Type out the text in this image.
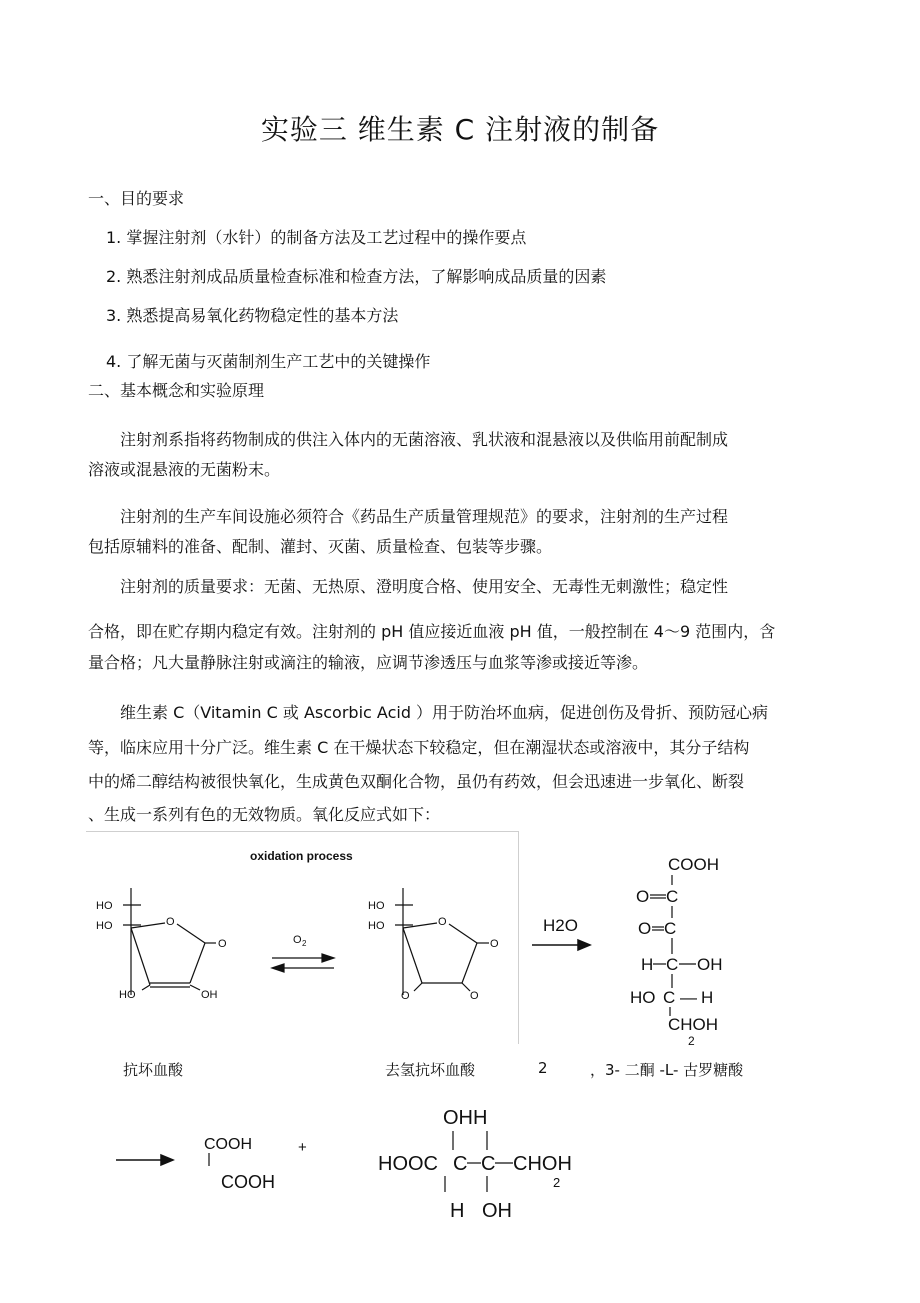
实验三 维生素 C 注射液的制备
一、目的要求
1. 掌握注射剂（水针）的制备方法及工艺过程中的操作要点
2. 熟悉注射剂成品质量检查标准和检查方法，了解影响成品质量的因素
3. 熟悉提高易氧化药物稳定性的基本方法
4. 了解无菌与灭菌制剂生产工艺中的关键操作
二、基本概念和实验原理
注射剂系指将药物制成的供注入体内的无菌溶液、乳状液和混悬液以及供临用前配制成
溶液或混悬液的无菌粉末。
注射剂的生产车间设施必须符合《药品生产质量管理规范》的要求，注射剂的生产过程
包括原辅料的准备、配制、灌封、灭菌、质量检查、包装等步骤。
注射剂的质量要求：无菌、无热原、澄明度合格、使用安全、无毒性无刺激性；稳定性
合格，即在贮存期内稳定有效。注射剂的 pH 值应接近血液 pH 值，一般控制在 4～9 范围内，含
量合格；凡大量静脉注射或滴注的输液，应调节渗透压与血浆等渗或接近等渗。
维生素 C（Vitamin C 或 Ascorbic Acid ）用于防治坏血病，促进创伤及骨折、预防冠心病
等，临床应用十分广泛。维生素 C 在干燥状态下较稳定，但在潮湿状态或溶液中，其分子结构
中的烯二醇结构被很快氧化，生成黄色双酮化合物，虽仍有药效，但会迅速进一步氧化、断裂
、生成一系列有色的无效物质。氧化反应式如下：
oxidation process
HO
HO	O
O
HO	OH
O 2
HO
HO	O
O
O	O
H2O
COOH
O C
O C
H C OH
HO C — H
CHOH
2
COOH
COOH
+
OHH
HOOC C C CHOH
2
H OH
抗坏血酸	去氢抗坏血酸	2	，3- 二酮 -L- 古罗糖酸
